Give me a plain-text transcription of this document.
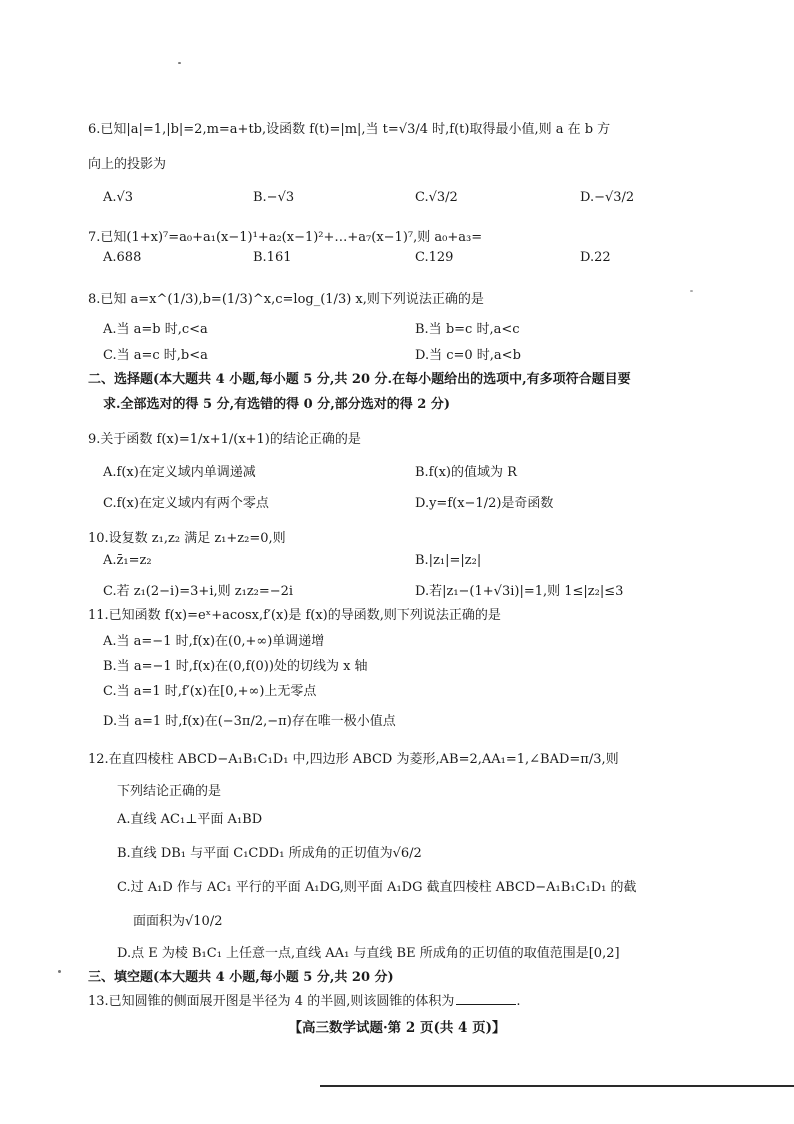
6.已知|a|=1,|b|=2,m=a+tb,设函数 f(t)=|m|,当 t=√3/4 时,f(t)取得最小值,则 a 在 b 方
向上的投影为
A.√3	B.−√3	C.√3/2	D.−√3/2
7.已知(1+x)⁷=a₀+a₁(x−1)¹+a₂(x−1)²+…+a₇(x−1)⁷,则 a₀+a₃=
A.688	B.161	C.129	D.22
8.已知 a=x^(1/3),b=(1/3)^x,c=log_(1/3) x,则下列说法正确的是
A.当 a=b 时,c<a	B.当 b=c 时,a<c
C.当 a=c 时,b<a	D.当 c=0 时,a<b
二、选择题(本大题共 4 小题,每小题 5 分,共 20 分.在每小题给出的选项中,有多项符合题目要
求.全部选对的得 5 分,有选错的得 0 分,部分选对的得 2 分)
9.关于函数 f(x)=1/x+1/(x+1)的结论正确的是
A.f(x)在定义域内单调递减	B.f(x)的值域为 R
C.f(x)在定义域内有两个零点	D.y=f(x−1/2)是奇函数
10.设复数 z₁,z₂ 满足 z₁+z₂=0,则
A.z̄₁=z₂	B.|z₁|=|z₂|
C.若 z₁(2−i)=3+i,则 z₁z₂=−2i	D.若|z₁−(1+√3i)|=1,则 1≤|z₂|≤3
11.已知函数 f(x)=eˣ+acosx,f′(x)是 f(x)的导函数,则下列说法正确的是
A.当 a=−1 时,f(x)在(0,+∞)单调递增
B.当 a=−1 时,f(x)在(0,f(0))处的切线为 x 轴
C.当 a=1 时,f′(x)在[0,+∞)上无零点
D.当 a=1 时,f(x)在(−3π/2,−π)存在唯一极小值点
12.在直四棱柱 ABCD−A₁B₁C₁D₁ 中,四边形 ABCD 为菱形,AB=2,AA₁=1,∠BAD=π/3,则
下列结论正确的是
A.直线 AC₁⊥平面 A₁BD
B.直线 DB₁ 与平面 C₁CDD₁ 所成角的正切值为√6/2
C.过 A₁D 作与 AC₁ 平行的平面 A₁DG,则平面 A₁DG 截直四棱柱 ABCD−A₁B₁C₁D₁ 的截
面面积为√10/2
D.点 E 为棱 B₁C₁ 上任意一点,直线 AA₁ 与直线 BE 所成角的正切值的取值范围是[0,2]
三、填空题(本大题共 4 小题,每小题 5 分,共 20 分)
13.已知圆锥的侧面展开图是半径为 4 的半圆,则该圆锥的体积为	.
【高三数学试题·第 2 页(共 4 页)】
